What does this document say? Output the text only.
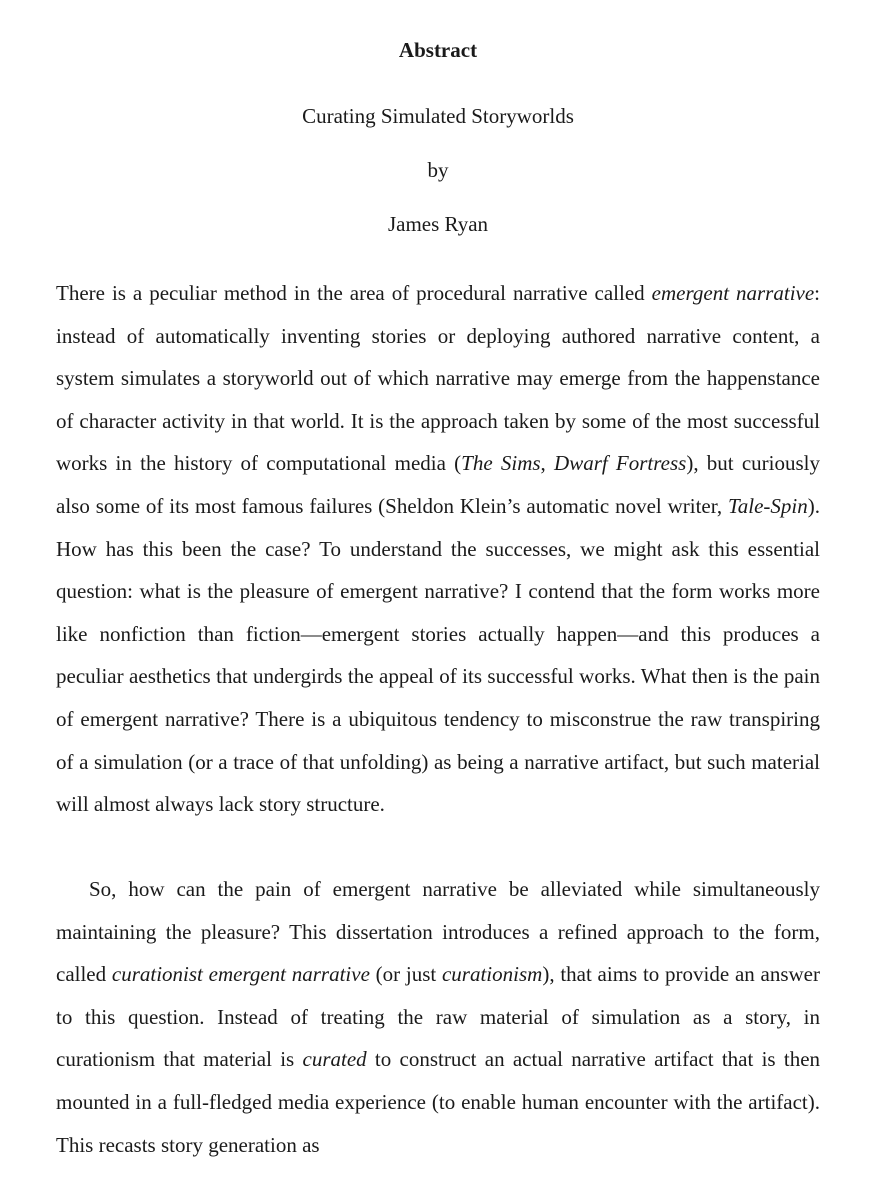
Abstract
Curating Simulated Storyworlds
by
James Ryan

There is a peculiar method in the area of procedural narrative called emergent narrative: instead of automatically inventing stories or deploying authored narrative content, a system simulates a storyworld out of which narrative may emerge from the happenstance of character activity in that world. It is the approach taken by some of the most successful works in the history of computational media (The Sims, Dwarf Fortress), but curiously also some of its most famous failures (Sheldon Klein’s automatic novel writer, Tale-Spin). How has this been the case? To understand the successes, we might ask this essential question: what is the pleasure of emergent narrative? I contend that the form works more like nonfiction than fiction—emergent stories actually happen—and this produces a peculiar aesthetics that undergirds the appeal of its successful works. What then is the pain of emergent narrative? There is a ubiquitous tendency to misconstrue the raw transpiring of a simulation (or a trace of that unfolding) as being a narrative artifact, but such material will almost always lack story structure.

So, how can the pain of emergent narrative be alleviated while simultaneously maintaining the pleasure? This dissertation introduces a refined approach to the form, called curationist emergent narrative (or just curationism), that aims to provide an answer to this question. Instead of treating the raw material of simulation as a story, in curationism that material is curated to construct an actual narrative artifact that is then mounted in a full-fledged media experience (to enable human encounter with the artifact). This recasts story generation as
